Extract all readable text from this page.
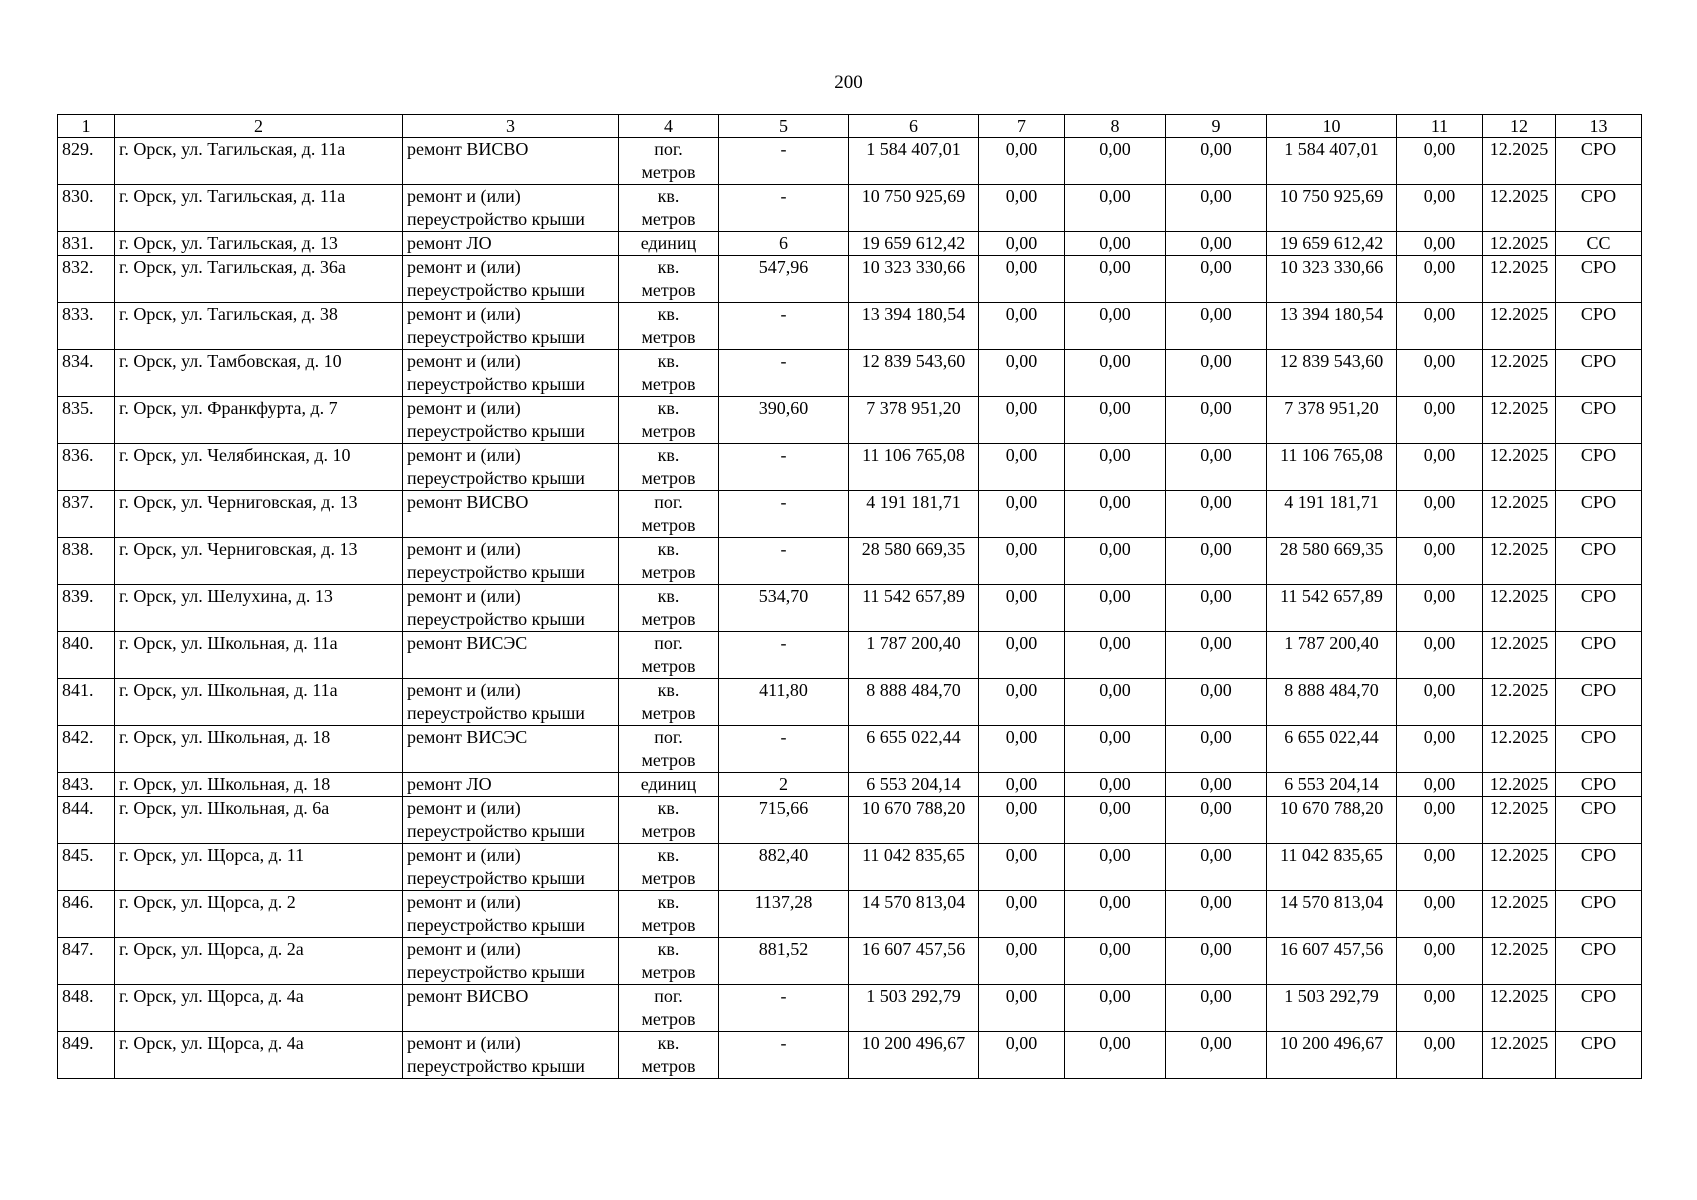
200
1	2	3	4	5	6	7	8	9	10	11	12	13
829.	г. Орск, ул. Тагильская, д. 11а	ремонт ВИСВО	пог.
метров	-	1 584 407,01	0,00	0,00	0,00	1 584 407,01	0,00	12.2025	СРО
830.	г. Орск, ул. Тагильская, д. 11а	ремонт и (или)
переустройство крыши	кв.
метров	-	10 750 925,69	0,00	0,00	0,00	10 750 925,69	0,00	12.2025	СРО
831.	г. Орск, ул. Тагильская, д. 13	ремонт ЛО	единиц	6	19 659 612,42	0,00	0,00	0,00	19 659 612,42	0,00	12.2025	СС
832.	г. Орск, ул. Тагильская, д. 36а	ремонт и (или)
переустройство крыши	кв.
метров	547,96	10 323 330,66	0,00	0,00	0,00	10 323 330,66	0,00	12.2025	СРО
833.	г. Орск, ул. Тагильская, д. 38	ремонт и (или)
переустройство крыши	кв.
метров	-	13 394 180,54	0,00	0,00	0,00	13 394 180,54	0,00	12.2025	СРО
834.	г. Орск, ул. Тамбовская, д. 10	ремонт и (или)
переустройство крыши	кв.
метров	-	12 839 543,60	0,00	0,00	0,00	12 839 543,60	0,00	12.2025	СРО
835.	г. Орск, ул. Франкфурта, д. 7	ремонт и (или)
переустройство крыши	кв.
метров	390,60	7 378 951,20	0,00	0,00	0,00	7 378 951,20	0,00	12.2025	СРО
836.	г. Орск, ул. Челябинская, д. 10	ремонт и (или)
переустройство крыши	кв.
метров	-	11 106 765,08	0,00	0,00	0,00	11 106 765,08	0,00	12.2025	СРО
837.	г. Орск, ул. Черниговская, д. 13	ремонт ВИСВО	пог.
метров	-	4 191 181,71	0,00	0,00	0,00	4 191 181,71	0,00	12.2025	СРО
838.	г. Орск, ул. Черниговская, д. 13	ремонт и (или)
переустройство крыши	кв.
метров	-	28 580 669,35	0,00	0,00	0,00	28 580 669,35	0,00	12.2025	СРО
839.	г. Орск, ул. Шелухина, д. 13	ремонт и (или)
переустройство крыши	кв.
метров	534,70	11 542 657,89	0,00	0,00	0,00	11 542 657,89	0,00	12.2025	СРО
840.	г. Орск, ул. Школьная, д. 11а	ремонт ВИСЭС	пог.
метров	-	1 787 200,40	0,00	0,00	0,00	1 787 200,40	0,00	12.2025	СРО
841.	г. Орск, ул. Школьная, д. 11а	ремонт и (или)
переустройство крыши	кв.
метров	411,80	8 888 484,70	0,00	0,00	0,00	8 888 484,70	0,00	12.2025	СРО
842.	г. Орск, ул. Школьная, д. 18	ремонт ВИСЭС	пог.
метров	-	6 655 022,44	0,00	0,00	0,00	6 655 022,44	0,00	12.2025	СРО
843.	г. Орск, ул. Школьная, д. 18	ремонт ЛО	единиц	2	6 553 204,14	0,00	0,00	0,00	6 553 204,14	0,00	12.2025	СРО
844.	г. Орск, ул. Школьная, д. 6а	ремонт и (или)
переустройство крыши	кв.
метров	715,66	10 670 788,20	0,00	0,00	0,00	10 670 788,20	0,00	12.2025	СРО
845.	г. Орск, ул. Щорса, д. 11	ремонт и (или)
переустройство крыши	кв.
метров	882,40	11 042 835,65	0,00	0,00	0,00	11 042 835,65	0,00	12.2025	СРО
846.	г. Орск, ул. Щорса, д. 2	ремонт и (или)
переустройство крыши	кв.
метров	1137,28	14 570 813,04	0,00	0,00	0,00	14 570 813,04	0,00	12.2025	СРО
847.	г. Орск, ул. Щорса, д. 2а	ремонт и (или)
переустройство крыши	кв.
метров	881,52	16 607 457,56	0,00	0,00	0,00	16 607 457,56	0,00	12.2025	СРО
848.	г. Орск, ул. Щорса, д. 4а	ремонт ВИСВО	пог.
метров	-	1 503 292,79	0,00	0,00	0,00	1 503 292,79	0,00	12.2025	СРО
849.	г. Орск, ул. Щорса, д. 4а	ремонт и (или)
переустройство крыши	кв.
метров	-	10 200 496,67	0,00	0,00	0,00	10 200 496,67	0,00	12.2025	СРО
